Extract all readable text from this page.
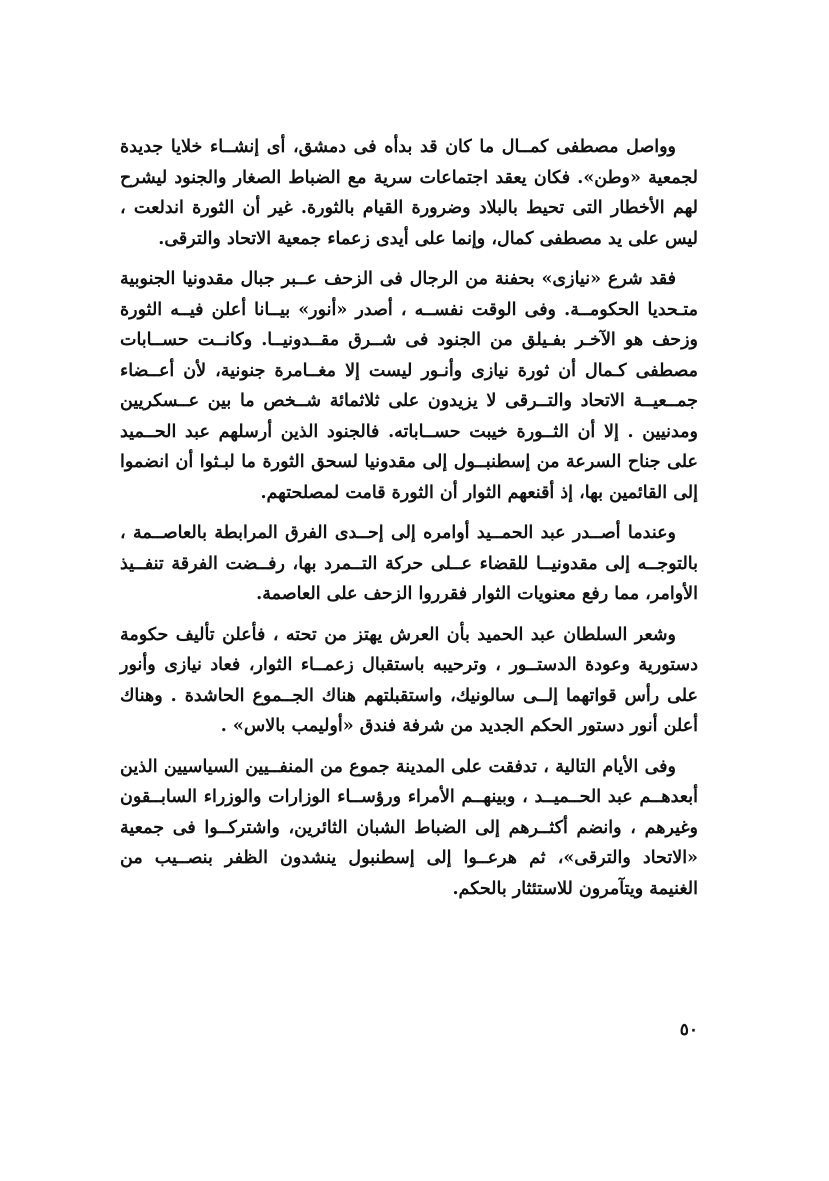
وواصل مصطفى كمــال ما كان قد بدأه فى دمشق، أى إنشــاء خلايا جديدة لجمعية «وطن». فكان يعقد اجتماعات سرية مع الضباط الصغار والجنود ليشرح لهم الأخطار التى تحيط بالبلاد وضرورة القيام بالثورة. غير أن الثورة اندلعت ، ليس على يد مصطفى كمال، وإنما على أيدى زعماء جمعية الاتحاد والترقى.

فقد شرع «نيازى» بحفنة من الرجال فى الزحف عــبر جبال مقدونيا الجنوبية متـحديا الحكومــة. وفى الوقت نفســه ، أصدر «أنور» بيــانا أعلن فيــه الثورة وزحف هو الآخـر بفـيلق من الجنود فى شــرق مقــدونيــا. وكانــت حســابات مصطفى كـمال أن ثورة نيازى وأنـور ليست إلا مغــامرة جنونية، لأن أعــضاء جمــعيــة الاتحاد والتــرقى لا يزيدون على ثلاثمائة شــخص ما بين عــسكريين ومدنيين . إلا أن الثــورة خيبت حســاباته. فالجنود الذين أرسلهم عبد الحــميد على جناح السرعة من إسطنبــول إلى مقدونيا لسحق الثورة ما لبـثوا أن انضموا إلى القائمين بها، إذ أقنعهم الثوار أن الثورة قامت لمصلحتهم.

وعندما أصــدر عبد الحمــيد أوامره إلى إحــدى الفرق المرابطة بالعاصــمة ، بالتوجــه إلى مقدونيــا للقضاء عــلى حركة التــمرد بها، رفــضت الفرقة تنفــيذ الأوامر، مما رفع معنويات الثوار فقرروا الزحف على العاصمة.

وشعر السلطان عبد الحميد بأن العرش يهتز من تحته ، فأعلن تأليف حكومة دستورية وعودة الدستــور ، وترحيبه باستقبال زعمــاء الثوار، فعاد نيازى وأنور على رأس قواتهما إلــى سالونيك، واستقبلتهم هناك الجــموع الحاشدة . وهناك أعلن أنور دستور الحكم الجديد من شرفة فندق «أوليمب بالاس» .

وفى الأيام التالية ، تدفقت على المدينة جموع من المنفــيين السياسيين الذين أبعدهــم عبد الحــميــد ، وبينهــم الأمراء ورؤســاء الوزارات والوزراء السابــقون وغيرهم ، وانضم أكثــرهم إلى الضباط الشبان الثائرين، واشتركــوا فى جمعية «الاتحاد والترقى»، ثم هرعــوا إلى إسطنبول ينشدون الظفر بنصــيب من الغنيمة ويتآمرون للاستئثار بالحكم.

٥٠
